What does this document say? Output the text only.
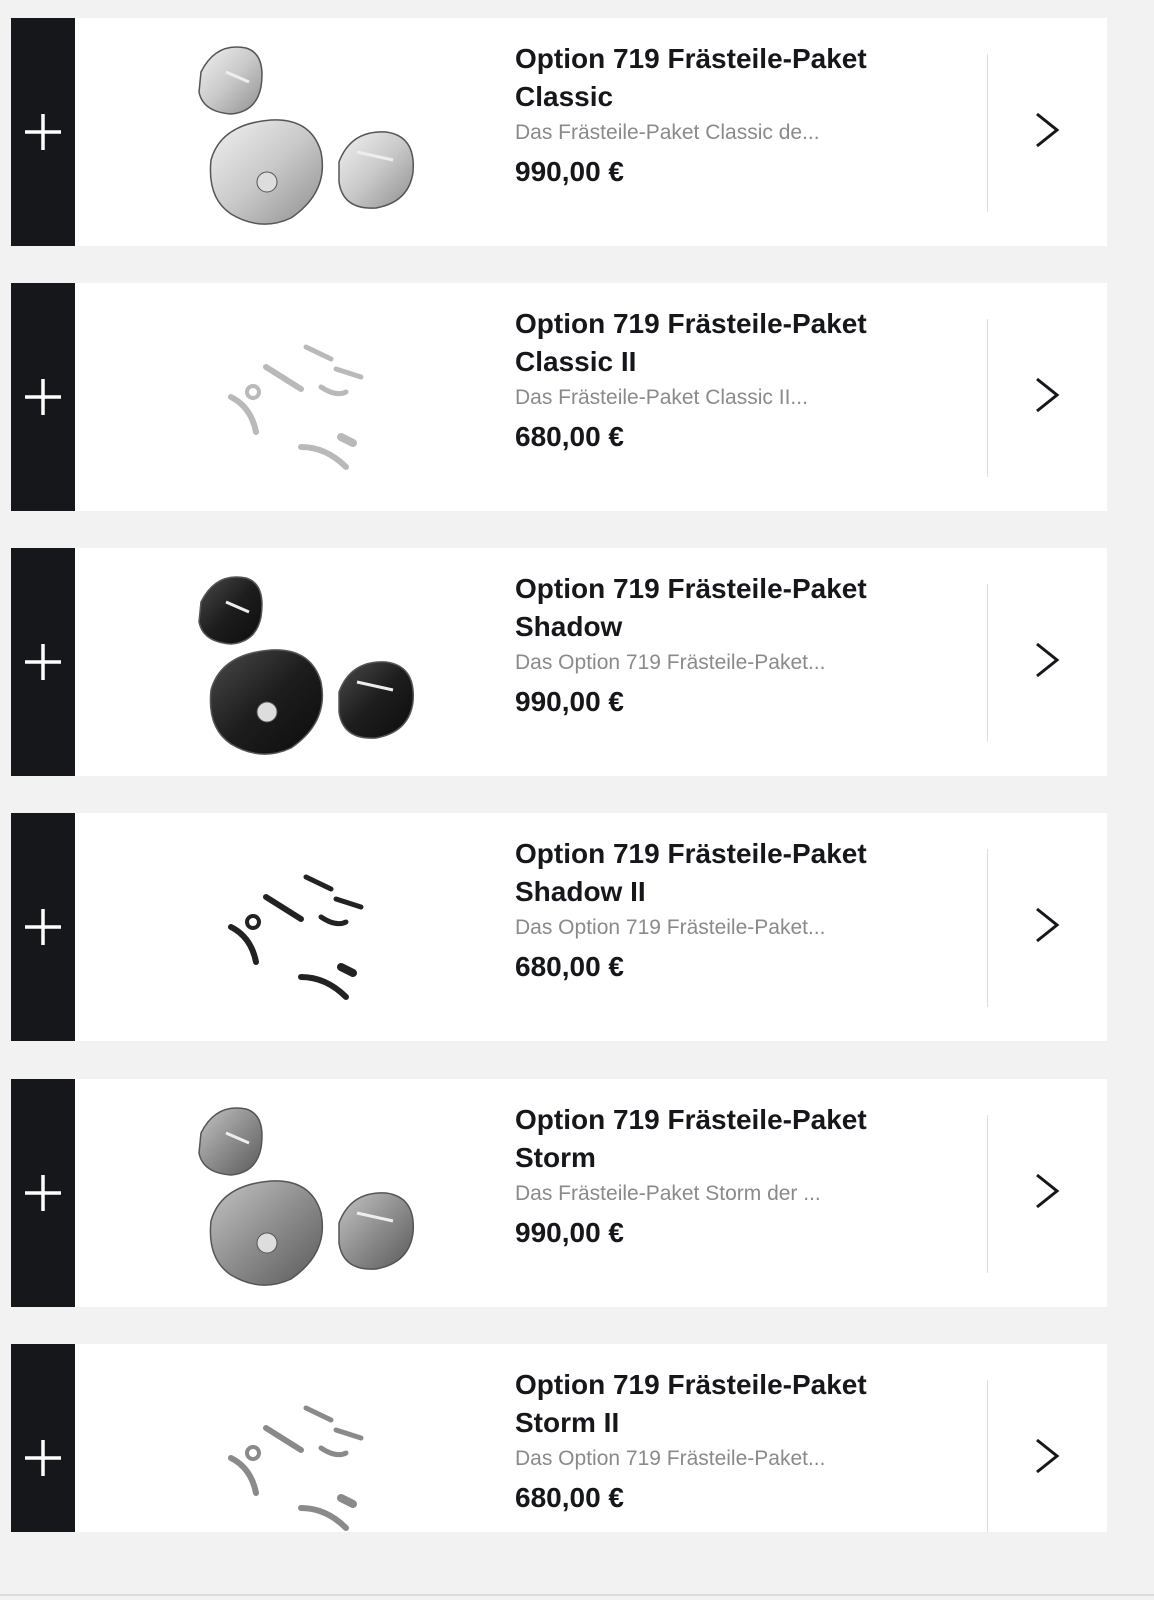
Option 719 Frästeile-Paket
Classic
Das Frästeile-Paket Classic de...
990,00 €
Option 719 Frästeile-Paket
Classic II
Das Frästeile-Paket Classic II...
680,00 €
Option 719 Frästeile-Paket
Shadow
Das Option 719 Frästeile-Paket...
990,00 €
Option 719 Frästeile-Paket
Shadow II
Das Option 719 Frästeile-Paket...
680,00 €
Option 719 Frästeile-Paket
Storm
Das Frästeile-Paket Storm der ...
990,00 €
Option 719 Frästeile-Paket
Storm II
Das Option 719 Frästeile-Paket...
680,00 €
